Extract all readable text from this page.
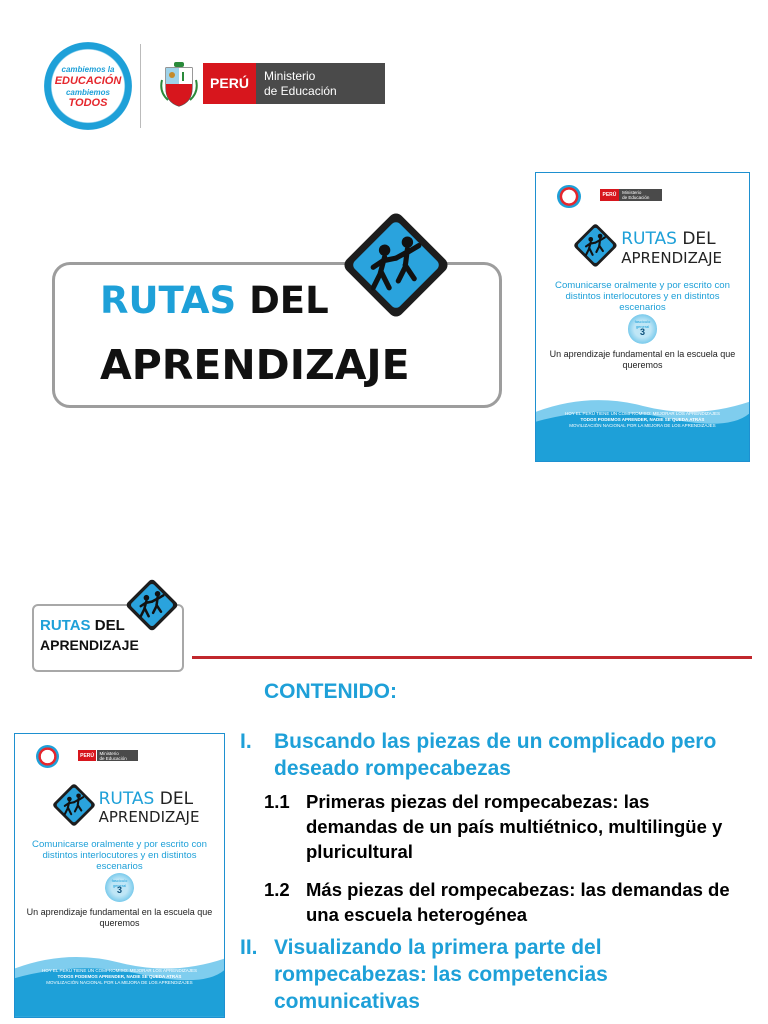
cambiemos la
EDUCACIÓN
cambiemos
TODOS
PERÚ	Ministerio
de Educación
RUTAS DEL
APRENDIZAJE
PERÚ	Ministerio
de Educación
RUTAS DEL
APRENDIZAJE
Comunicarse oralmente y por escrito con distintos interlocutores y en distintos escenarios
fascículo general
3
Un aprendizaje fundamental en la escuela que queremos
HOY EL PERÚ TIENE UN COMPROMISO: MEJORAR LOS APRENDIZAJES
TODOS PODEMOS APRENDER, NADIE SE QUEDA ATRÁS
MOVILIZACIÓN NACIONAL POR LA MEJORA DE LOS APRENDIZAJES
RUTAS DEL
APRENDIZAJE
PERÚ	Ministerio
de Educación
RUTAS DEL
APRENDIZAJE
Comunicarse oralmente y por escrito con distintos interlocutores y en distintos escenarios
fascículo general
3
Un aprendizaje fundamental en la escuela que queremos
HOY EL PERÚ TIENE UN COMPROMISO: MEJORAR LOS APRENDIZAJES
TODOS PODEMOS APRENDER, NADIE SE QUEDA ATRÁS
MOVILIZACIÓN NACIONAL POR LA MEJORA DE LOS APRENDIZAJES
CONTENIDO:
I. Buscando las piezas de un complicado pero deseado rompecabezas
1.1 Primeras piezas del rompecabezas: las demandas de un país multiétnico, multilingüe y pluricultural
1.2 Más piezas del rompecabezas: las demandas de una escuela heterogénea
II. Visualizando la primera parte del rompecabezas: las competencias comunicativas
